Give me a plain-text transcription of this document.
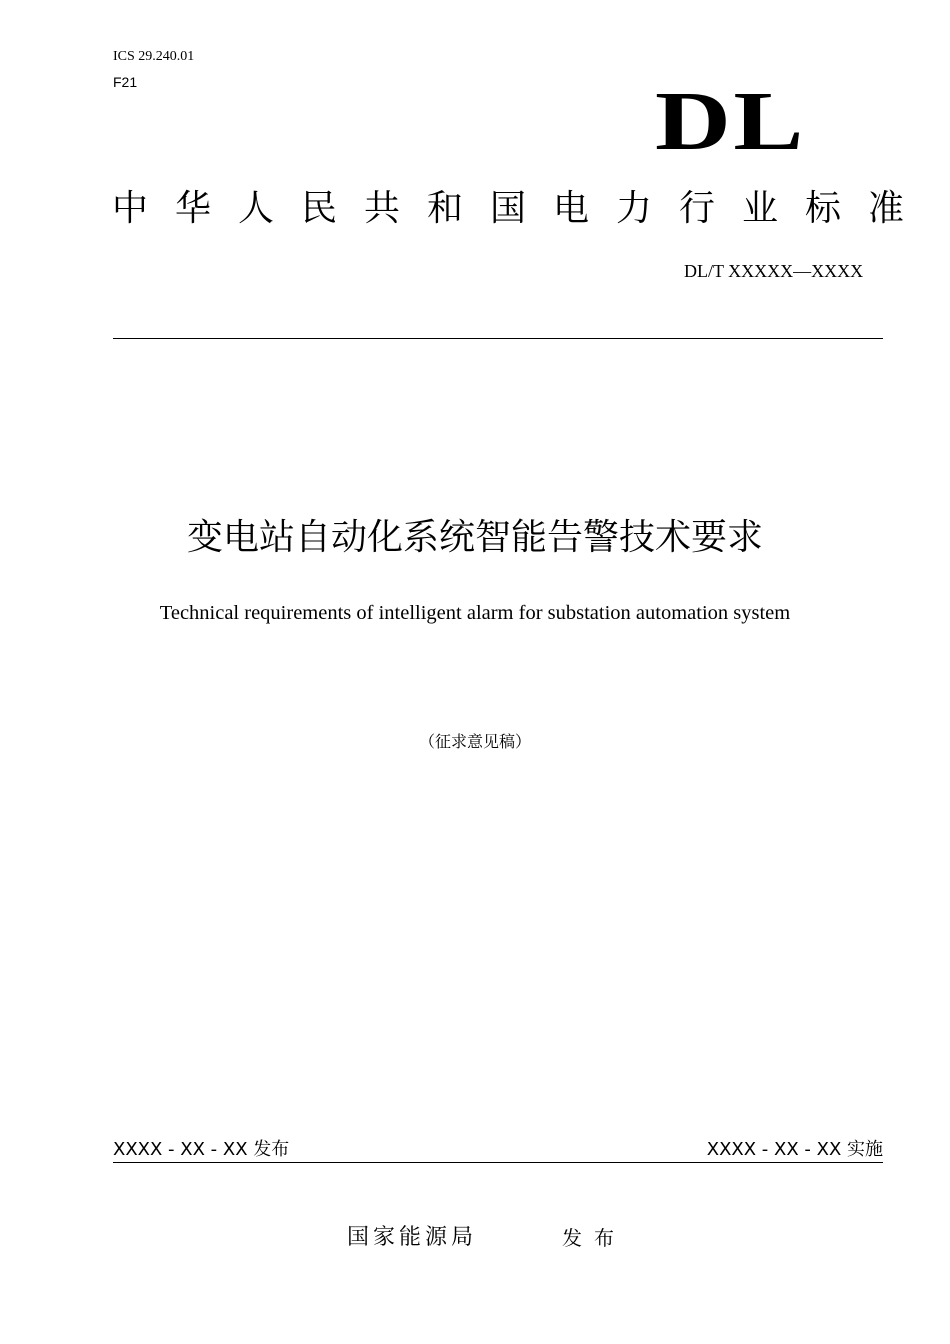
ICS 29.240.01
F21	DL
中华人民共和国电力行业标准
DL/T XXXXX—XXXX
变电站自动化系统智能告警技术要求
Technical requirements of intelligent alarm for substation automation system
（征求意见稿）
XXXX - XX - XX 发布	XXXX - XX - XX 实施
国家能源局	发布
